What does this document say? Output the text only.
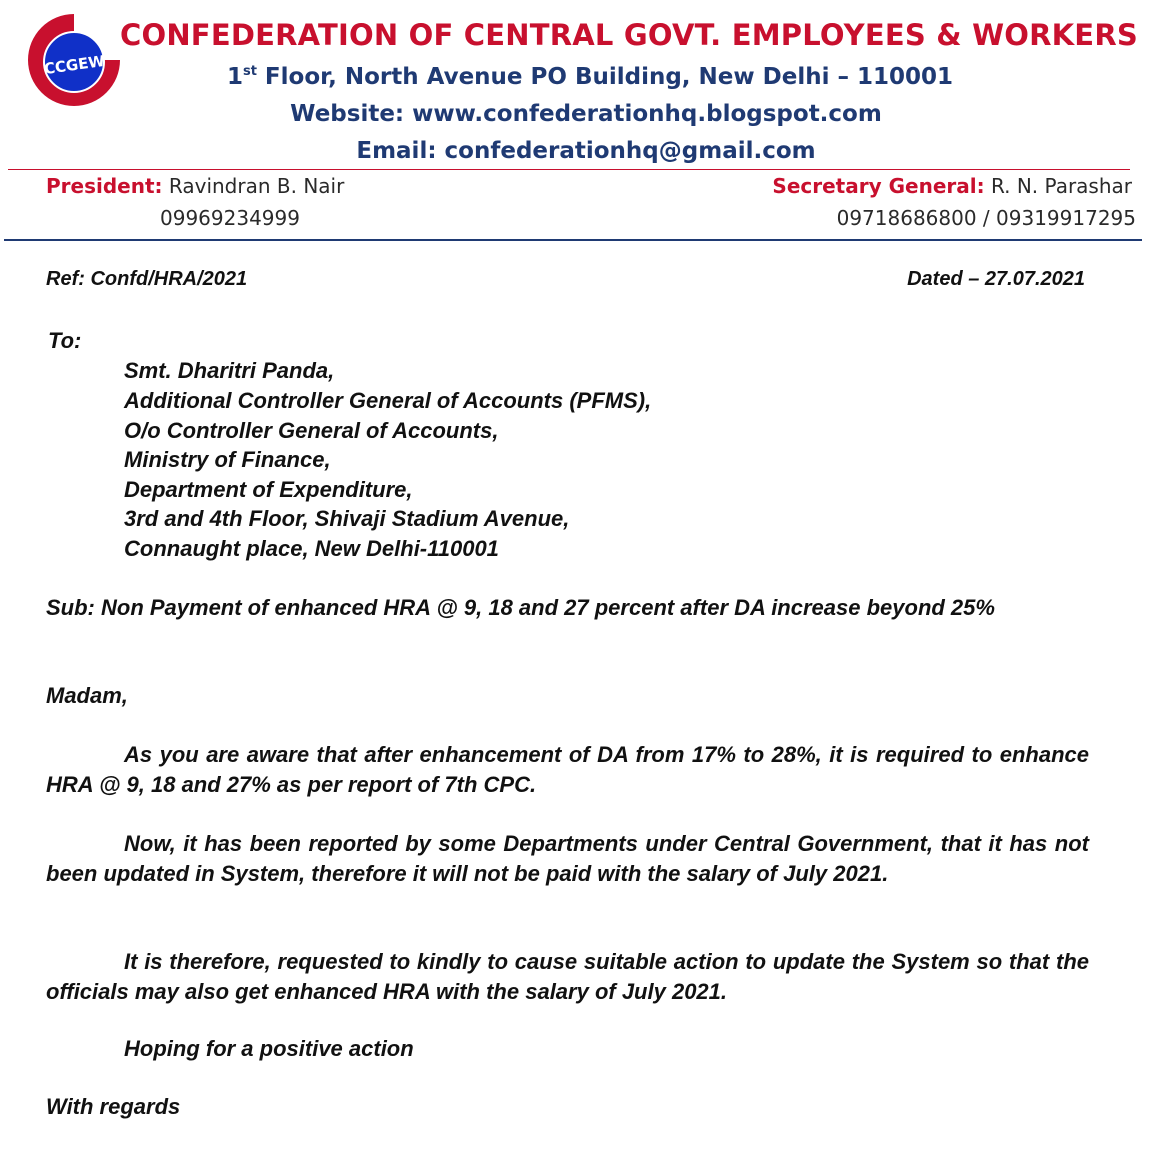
CCGEW
CONFEDERATION OF CENTRAL GOVT. EMPLOYEES & WORKERS
1st Floor, North Avenue PO Building, New Delhi – 110001
Website: www.confederationhq.blogspot.com
Email: confederationhq@gmail.com
President: Ravindran B. Nair
09969234999
Secretary General: R. N. Parashar
09718686800 / 09319917295
Ref: Confd/HRA/2021	Dated – 27.07.2021
To:
Smt. Dharitri Panda,
Additional Controller General of Accounts (PFMS),
O/o Controller General of Accounts,
Ministry of Finance,
Department of Expenditure,
3rd and 4th Floor, Shivaji Stadium Avenue,
Connaught place, New Delhi-110001
Sub: Non Payment of enhanced HRA @ 9, 18 and 27 percent after DA increase beyond 25%
Madam,
As you are aware that after enhancement of DA from 17% to 28%, it is required to enhance HRA @ 9, 18 and 27% as per report of 7th CPC.
Now, it has been reported by some Departments under Central Government, that it has not been updated in System, therefore it will not be paid with the salary of July 2021.
It is therefore, requested to kindly to cause suitable action to update the System so that the officials may also get enhanced HRA with the salary of July 2021.
Hoping for a positive action
With regards
